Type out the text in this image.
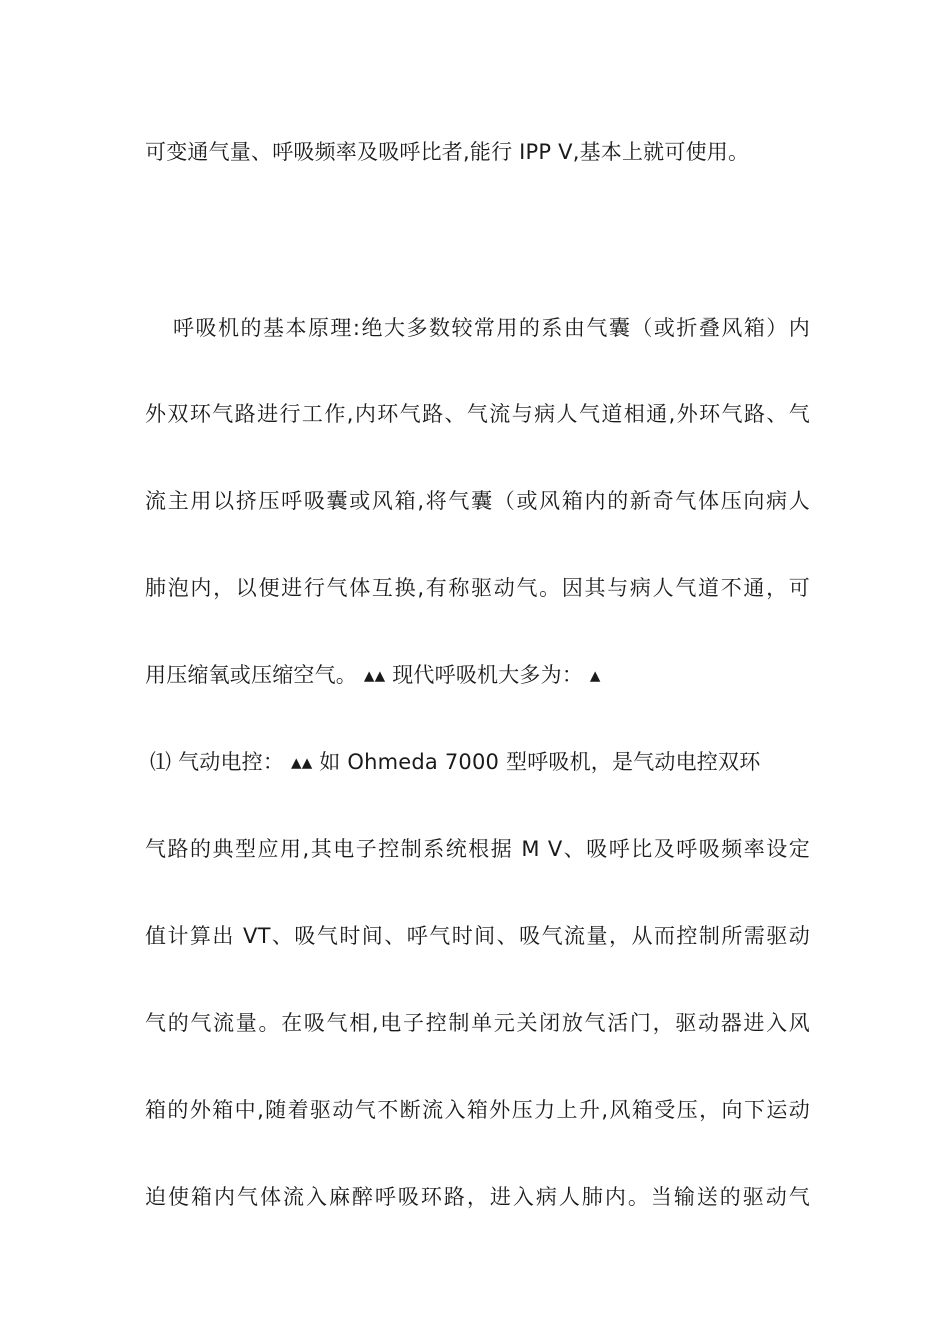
可变通气量、呼吸频率及吸呼比者,能行 IPP V,基本上就可使用。
呼吸机的基本原理:绝大多数较常用的系由气囊（或折叠风箱）内
外双环气路进行工作,内环气路、气流与病人气道相通,外环气路、气
流主用以挤压呼吸囊或风箱,将气囊（或风箱内的新奇气体压向病人
肺泡内，以便进行气体互换,有称驱动气。因其与病人气道不通，可
用压缩氧或压缩空气。 ▴▴ 现代呼吸机大多为： ▴
⑴ 气动电控： ▴▴ 如 Ohmeda 7000 型呼吸机，是气动电控双环
气路的典型应用,其电子控制系统根据 M V、吸呼比及呼吸频率设定
值计算出 VT、吸气时间、呼气时间、吸气流量，从而控制所需驱动
气的气流量。在吸气相,电子控制单元关闭放气活门，驱动器进入风
箱的外箱中,随着驱动气不断流入箱外压力上升,风箱受压，向下运动
迫使箱内气体流入麻醉呼吸环路，进入病人肺内。当输送的驱动气
